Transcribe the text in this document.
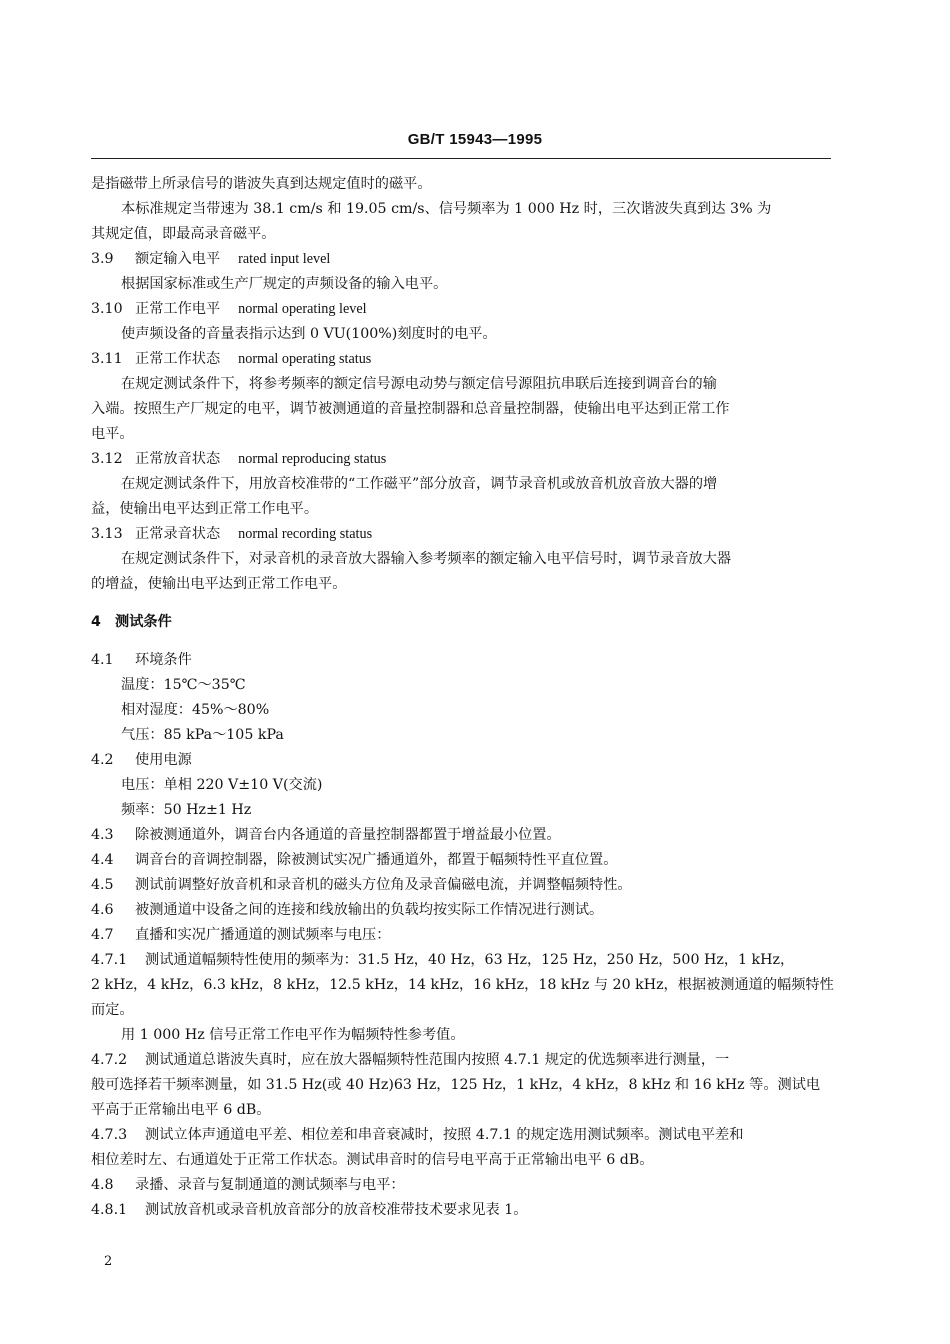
GB/T 15943—1995
是指磁带上所录信号的谐波失真到达规定值时的磁平。
本标准规定当带速为 38.1 cm/s 和 19.05 cm/s、信号频率为 1 000 Hz 时，三次谐波失真到达 3% 为
其规定值，即最高录音磁平。
3.9 额定输入电平 rated input level
根据国家标准或生产厂规定的声频设备的输入电平。
3.10 正常工作电平 normal operating level
使声频设备的音量表指示达到 0 VU(100%)刻度时的电平。
3.11 正常工作状态 normal operating status
在规定测试条件下，将参考频率的额定信号源电动势与额定信号源阻抗串联后连接到调音台的输
入端。按照生产厂规定的电平，调节被测通道的音量控制器和总音量控制器，使输出电平达到正常工作
电平。
3.12 正常放音状态 normal reproducing status
在规定测试条件下，用放音校准带的“工作磁平”部分放音，调节录音机或放音机放音放大器的增
益，使输出电平达到正常工作电平。
3.13 正常录音状态 normal recording status
在规定测试条件下，对录音机的录音放大器输入参考频率的额定输入电平信号时，调节录音放大器
的增益，使输出电平达到正常工作电平。
4 测试条件
4.1 环境条件
温度：15℃～35℃
相对湿度：45%～80%
气压：85 kPa～105 kPa
4.2 使用电源
电压：单相 220 V±10 V(交流)
频率：50 Hz±1 Hz
4.3 除被测通道外，调音台内各通道的音量控制器都置于增益最小位置。
4.4 调音台的音调控制器，除被测试实况广播通道外，都置于幅频特性平直位置。
4.5 测试前调整好放音机和录音机的磁头方位角及录音偏磁电流，并调整幅频特性。
4.6 被测通道中设备之间的连接和线放输出的负载均按实际工作情况进行测试。
4.7 直播和实况广播通道的测试频率与电压：
4.7.1 测试通道幅频特性使用的频率为：31.5 Hz，40 Hz，63 Hz，125 Hz，250 Hz，500 Hz，1 kHz，
2 kHz，4 kHz，6.3 kHz，8 kHz，12.5 kHz，14 kHz，16 kHz，18 kHz 与 20 kHz，根据被测通道的幅频特性
而定。
用 1 000 Hz 信号正常工作电平作为幅频特性参考值。
4.7.2 测试通道总谐波失真时，应在放大器幅频特性范围内按照 4.7.1 规定的优选频率进行测量，一
般可选择若干频率测量，如 31.5 Hz(或 40 Hz)63 Hz，125 Hz，1 kHz，4 kHz，8 kHz 和 16 kHz 等。测试电
平高于正常输出电平 6 dB。
4.7.3 测试立体声通道电平差、相位差和串音衰减时，按照 4.7.1 的规定选用测试频率。测试电平差和
相位差时左、右通道处于正常工作状态。测试串音时的信号电平高于正常输出电平 6 dB。
4.8 录播、录音与复制通道的测试频率与电平：
4.8.1 测试放音机或录音机放音部分的放音校准带技术要求见表 1。
2
